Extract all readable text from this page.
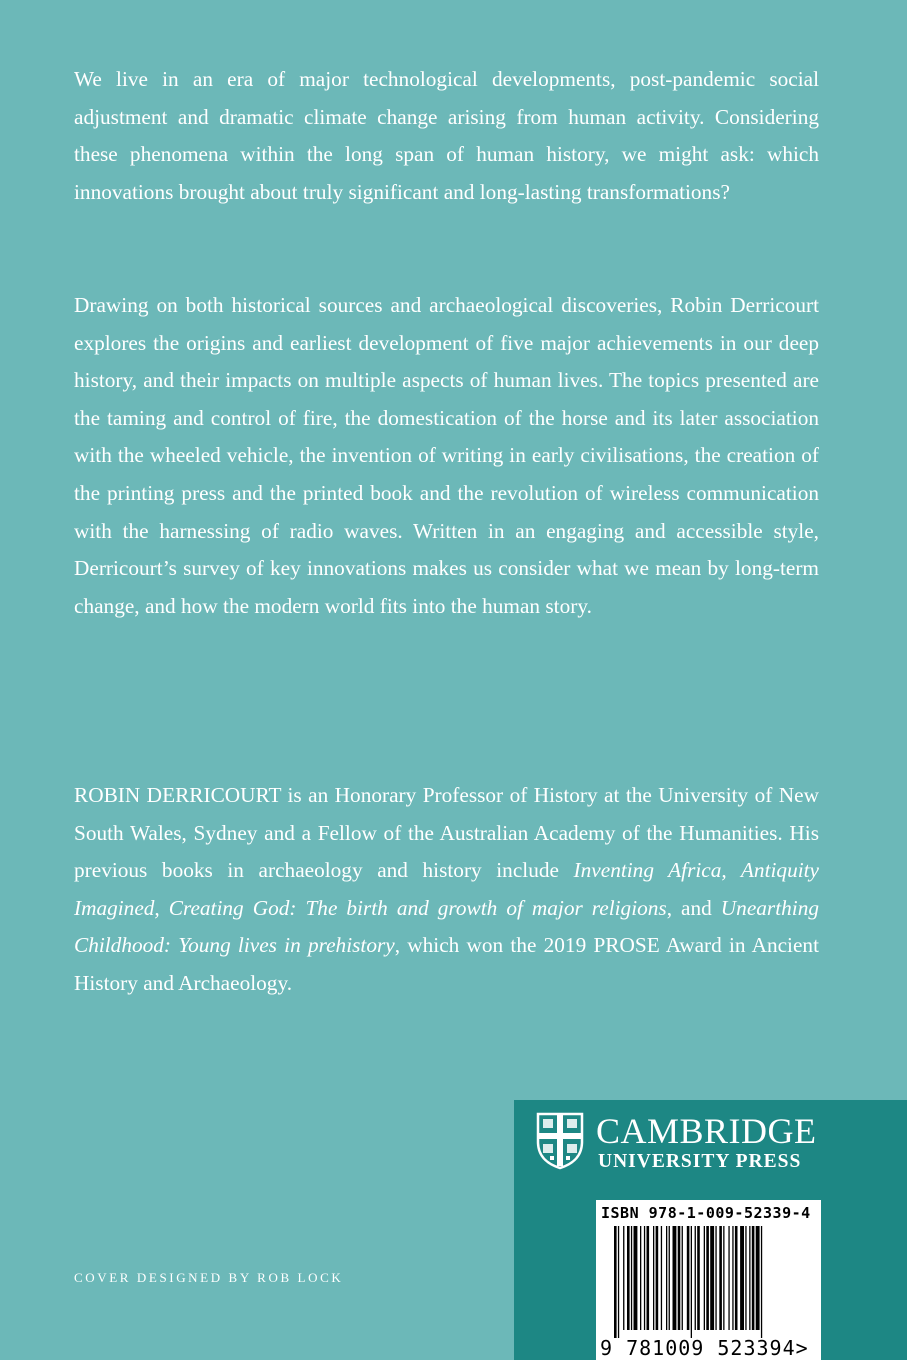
We live in an era of major technological developments, post-pandemic social adjustment and dramatic climate change arising from human activity. Considering these phenomena within the long span of human history, we might ask: which innovations brought about truly significant and long-lasting transformations?

Drawing on both historical sources and archaeological discoveries, Robin Derricourt explores the origins and earliest development of five major achievements in our deep history, and their impacts on multiple aspects of human lives. The topics presented are the taming and control of fire, the domestication of the horse and its later association with the wheeled vehicle, the invention of writing in early civilisations, the creation of the printing press and the printed book and the revolution of wireless communication with the harnessing of radio waves. Written in an engaging and accessible style, Derricourt’s survey of key innovations makes us consider what we mean by long-term change, and how the modern world fits into the human story.

ROBIN DERRICOURT is an Honorary Professor of History at the University of New South Wales, Sydney and a Fellow of the Australian Academy of the Humanities. His previous books in archaeology and history include Inventing Africa, Antiquity Imagined, Creating God: The birth and growth of major religions, and Unearthing Childhood: Young lives in prehistory, which won the 2019 PROSE Award in Ancient History and Archaeology.

COVER DESIGNED BY ROB LOCK
CAMBRIDGE
UNIVERSITY PRESS
ISBN 978-1-009-52339-4
9 781009 523394>
